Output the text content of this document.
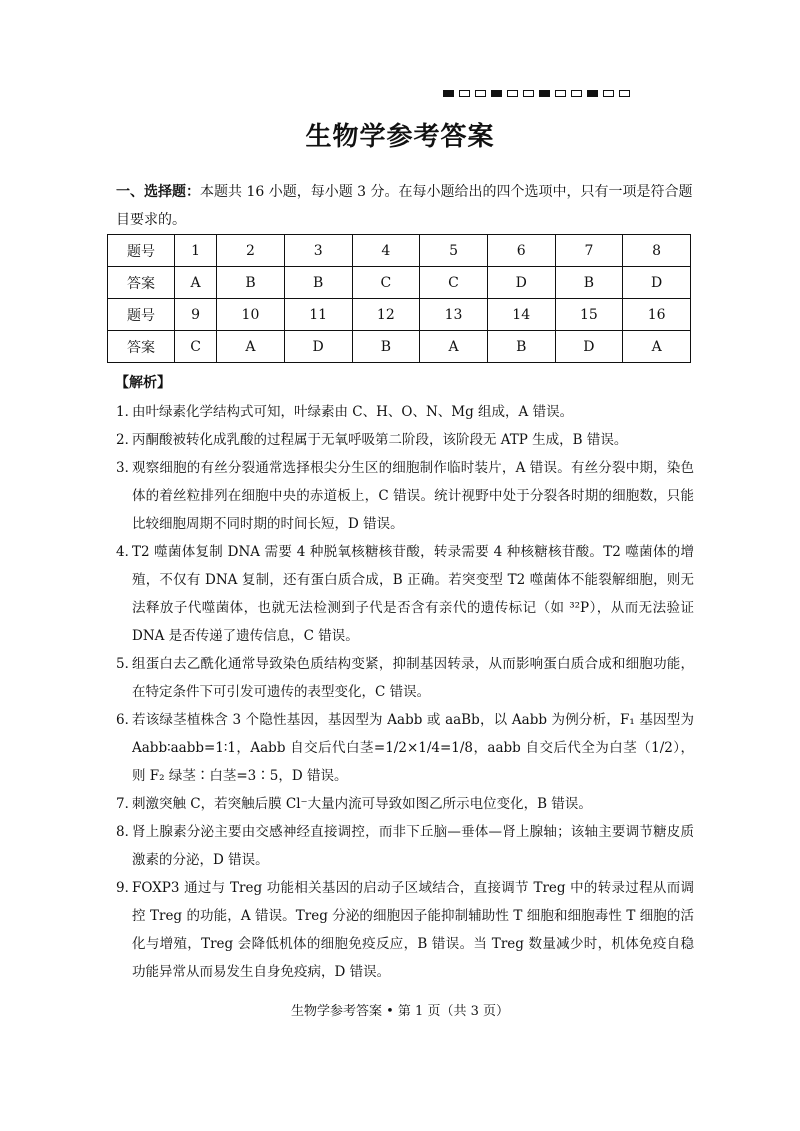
生物学参考答案
一、选择题：本题共 16 小题，每小题 3 分。在每小题给出的四个选项中，只有一项是符合题目要求的。
题号	1	2	3	4	5	6	7	8
答案	A	B	B	C	C	D	B	D
题号	9	10	11	12	13	14	15	16
答案	C	A	D	B	A	B	D	A
【解析】
1．

由叶绿素化学结构式可知，叶绿素由 C、H、O、N、Mg 组成，A 错误。

2．

丙酮酸被转化成乳酸的过程属于无氧呼吸第二阶段，该阶段无 ATP 生成，B 错误。

3．

观察细胞的有丝分裂通常选择根尖分生区的细胞制作临时装片，A 错误。有丝分裂中期，染色体的着丝粒排列在细胞中央的赤道板上，C 错误。统计视野中处于分裂各时期的细胞数，只能比较细胞周期不同时期的时间长短，D 错误。

4．

T2 噬菌体复制 DNA 需要 4 种脱氧核糖核苷酸，转录需要 4 种核糖核苷酸。T2 噬菌体的增殖，不仅有 DNA 复制，还有蛋白质合成，B 正确。若突变型 T2 噬菌体不能裂解细胞，则无法释放子代噬菌体，也就无法检测到子代是否含有亲代的遗传标记（如 ³²P），从而无法验证 DNA 是否传递了遗传信息，C 错误。

5．

组蛋白去乙酰化通常导致染色质结构变紧，抑制基因转录，从而影响蛋白质合成和细胞功能，在特定条件下可引发可遗传的表型变化，C 错误。

6．

若该绿茎植株含 3 个隐性基因，基因型为 Aabb 或 aaBb，以 Aabb 为例分析，F₁ 基因型为 Aabb∶aabb=1∶1，Aabb 自交后代白茎=1/2×1/4=1/8，aabb 自交后代全为白茎（1/2），则 F₂ 绿茎∶白茎=3∶5，D 错误。

7．

刺激突触 C，若突触后膜 Cl⁻大量内流可导致如图乙所示电位变化，B 错误。

8．

肾上腺素分泌主要由交感神经直接调控，而非下丘脑—垂体—肾上腺轴；该轴主要调节糖皮质激素的分泌，D 错误。

9．

FOXP3 通过与 Treg 功能相关基因的启动子区域结合，直接调节 Treg 中的转录过程从而调控 Treg 的功能，A 错误。Treg 分泌的细胞因子能抑制辅助性 T 细胞和细胞毒性 T 细胞的活化与增殖，Treg 会降低机体的细胞免疫反应，B 错误。当 Treg 数量减少时，机体免疫自稳功能异常从而易发生自身免疫病，D 错误。

生物学参考答案 • 第 1 页（共 3 页）
